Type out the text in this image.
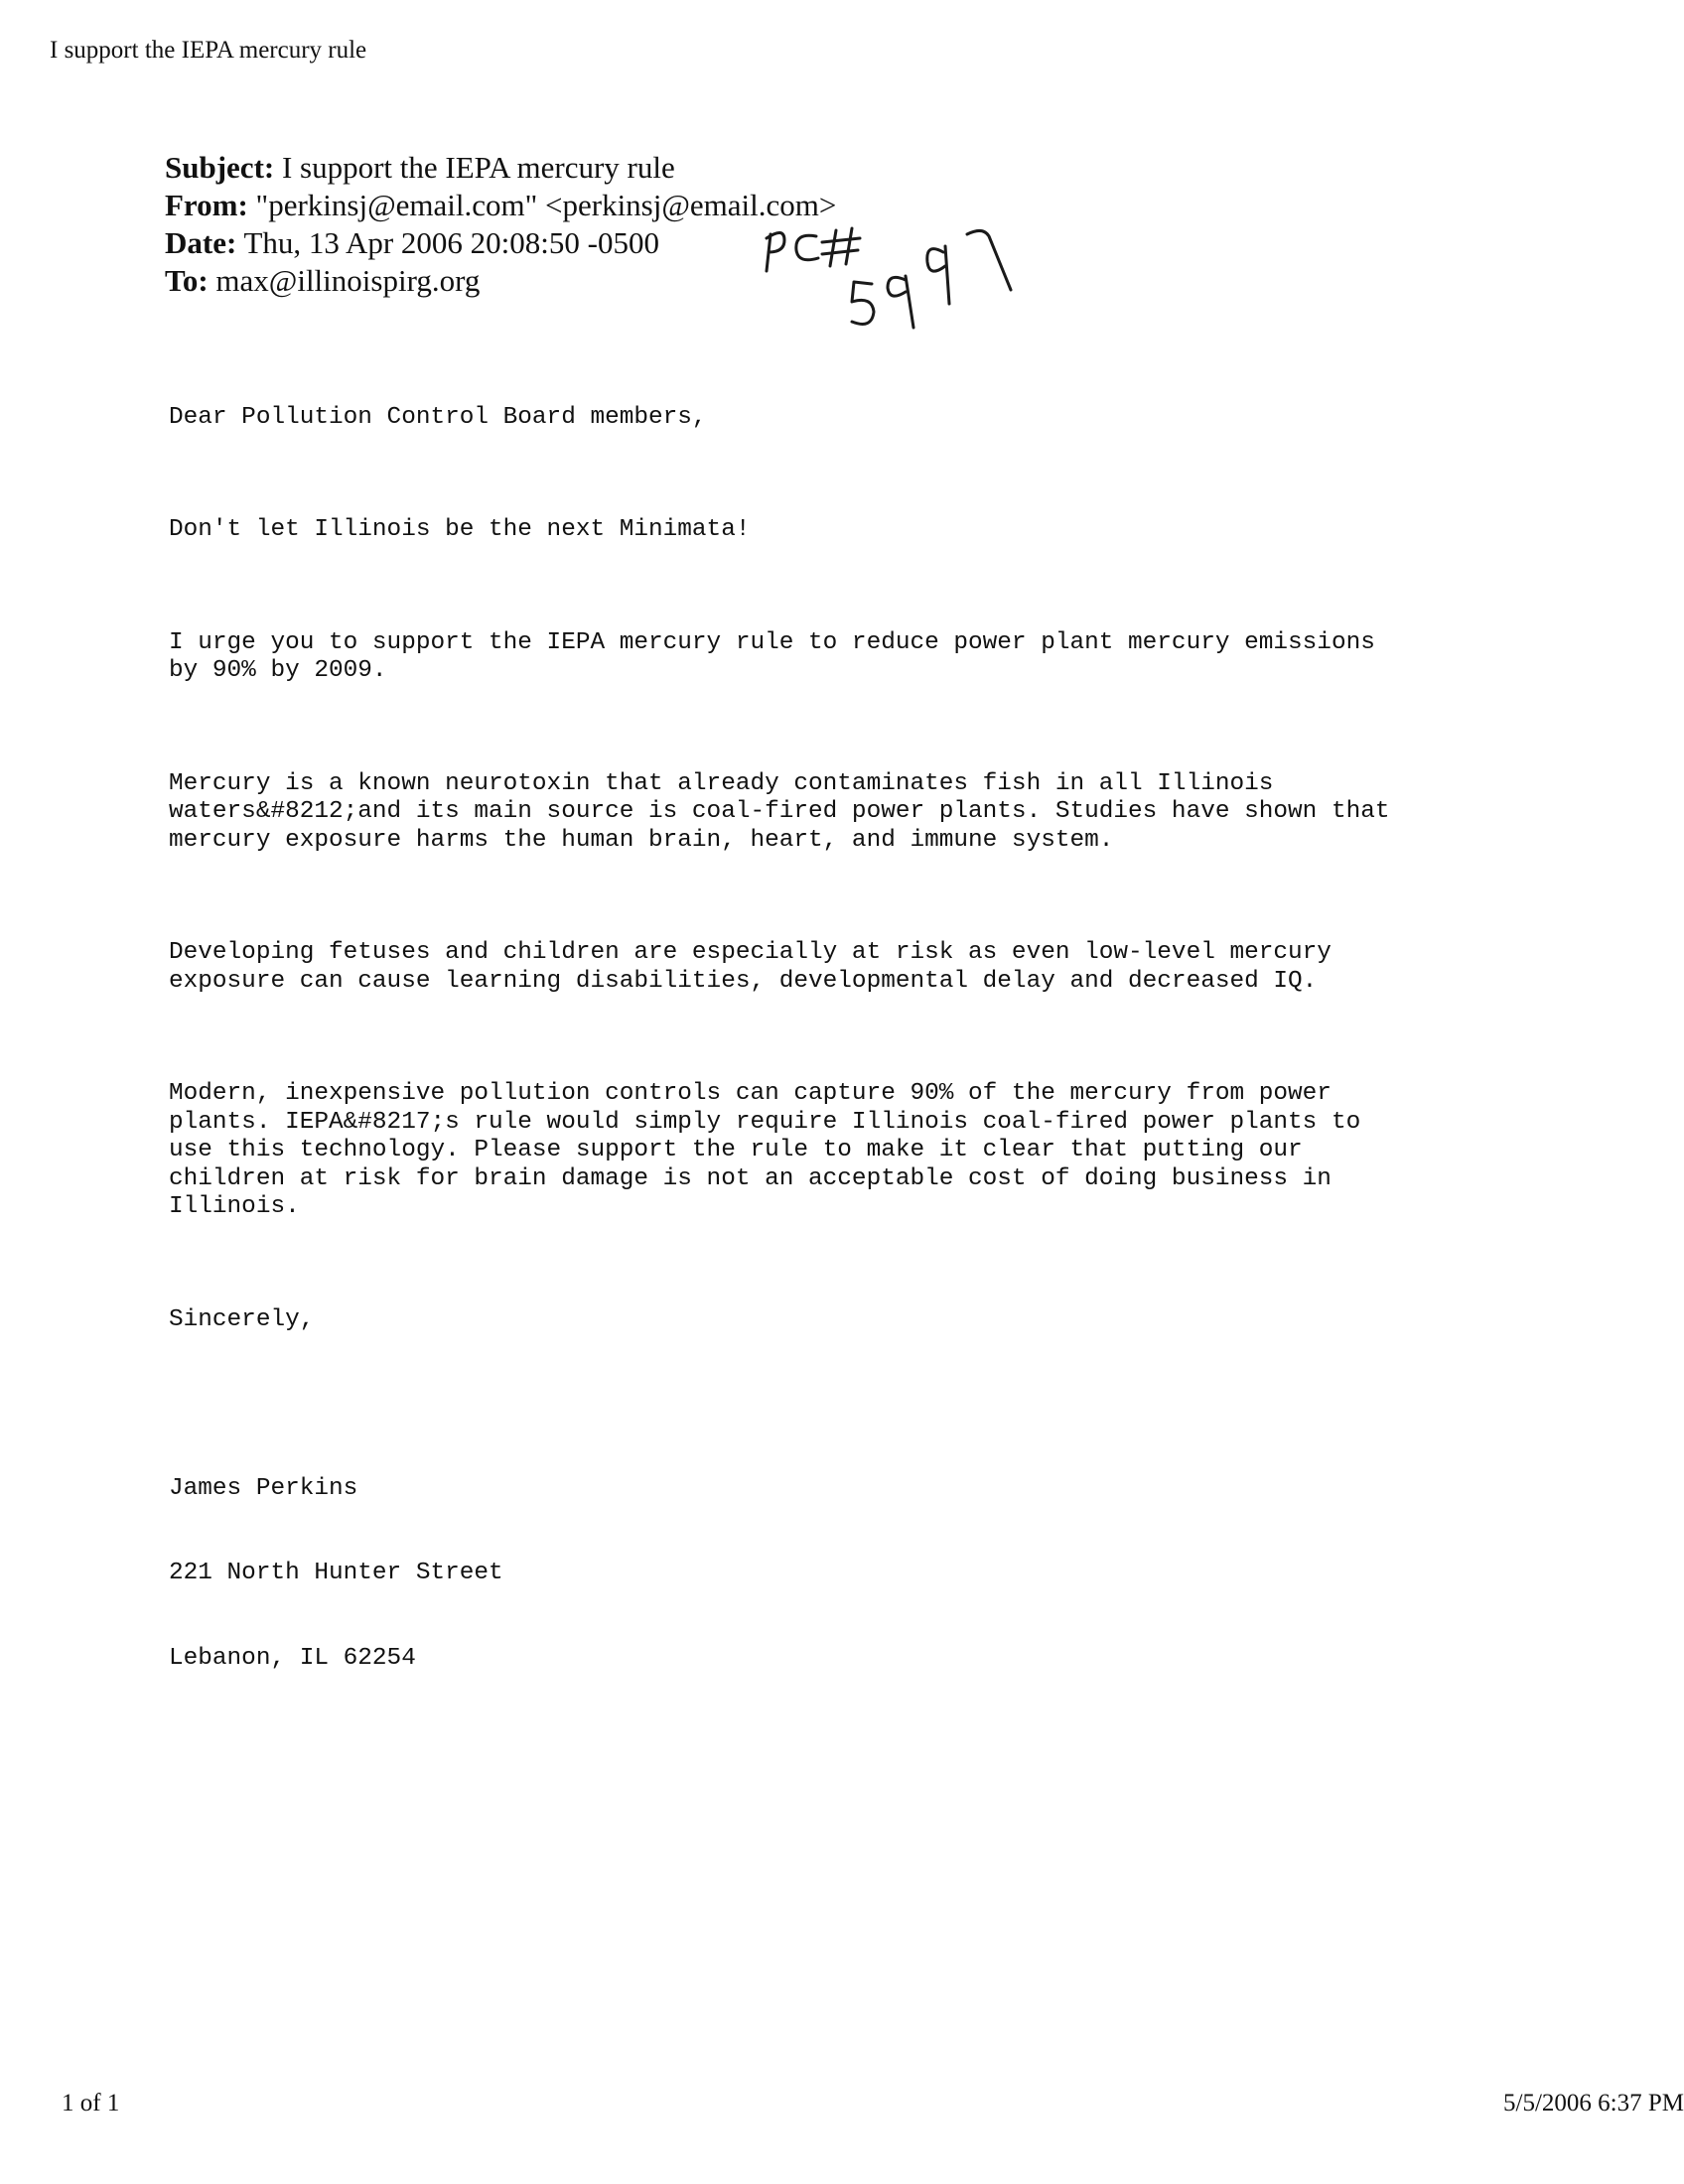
I support the IEPA mercury rule
Subject: I support the IEPA mercury rule
From: "perkinsj@email.com" <perkinsj@email.com>
Date: Thu, 13 Apr 2006 20:08:50 -0500
To: max@illinoispirg.org

Dear Pollution Control Board members,

Don't let Illinois be the next Minimata!

I urge you to support the IEPA mercury rule to reduce power plant mercury emissions
by 90% by 2009.

Mercury is a known neurotoxin that already contaminates fish in all Illinois
waters&#8212;and its main source is coal-fired power plants. Studies have shown that
mercury exposure harms the human brain, heart, and immune system.

Developing fetuses and children are especially at risk as even low-level mercury
exposure can cause learning disabilities, developmental delay and decreased IQ.

Modern, inexpensive pollution controls can capture 90% of the mercury from power
plants. IEPA&#8217;s rule would simply require Illinois coal-fired power plants to
use this technology. Please support the rule to make it clear that putting our
children at risk for brain damage is not an acceptable cost of doing business in
Illinois.

Sincerely,

James Perkins

221 North Hunter Street

Lebanon, IL 62254

1 of 1	5/5/2006 6:37 PM
